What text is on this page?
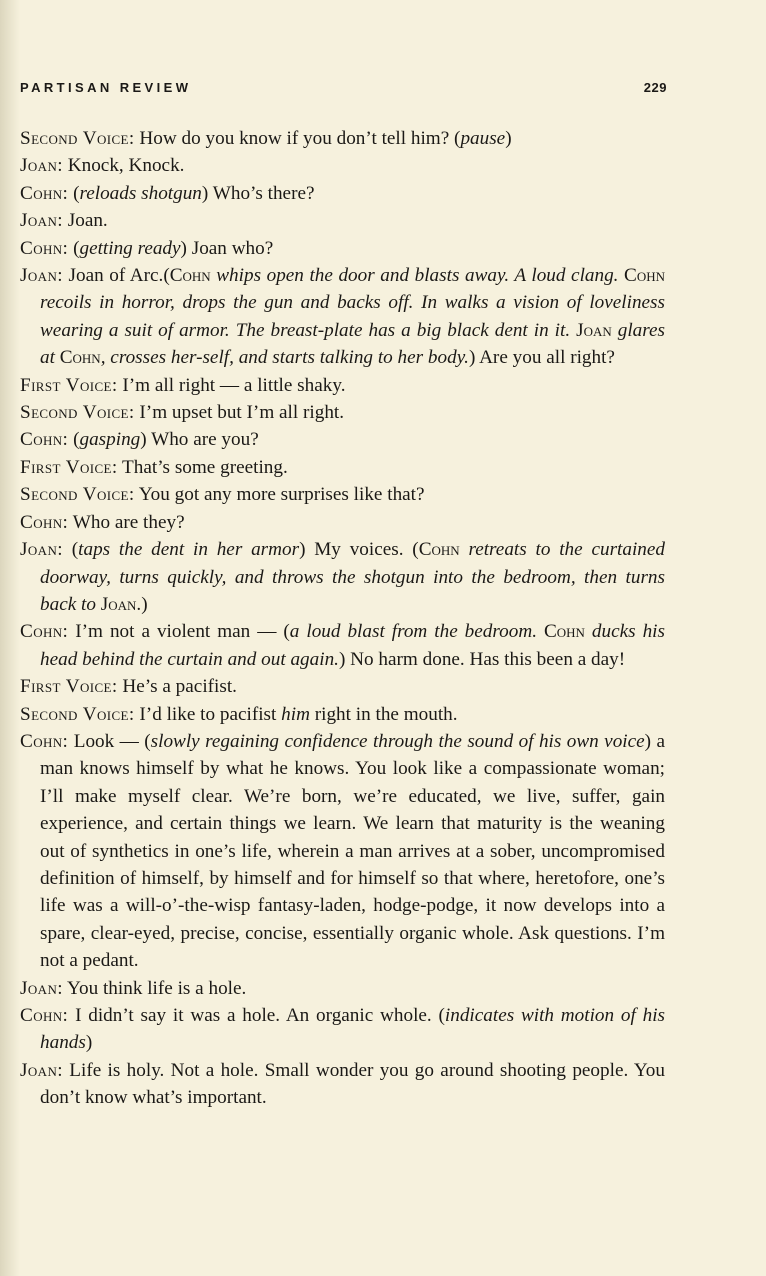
PARTISAN REVIEW	229

Second Voice: How do you know if you don’t tell him? (pause)

Joan: Knock, Knock.

Cohn: (reloads shotgun) Who’s there?

Joan: Joan.

Cohn: (getting ready) Joan who?

Joan: Joan of Arc.(Cohn whips open the door and blasts away. A loud clang. Cohn recoils in horror, drops the gun and backs off. In walks a vision of loveliness wearing a suit of armor. The breast-plate has a big black dent in it. Joan glares at Cohn, crosses her-self, and starts talking to her body.) Are you all right?

First Voice: I’m all right — a little shaky.

Second Voice: I’m upset but I’m all right.

Cohn: (gasping) Who are you?

First Voice: That’s some greeting.

Second Voice: You got any more surprises like that?

Cohn: Who are they?

Joan: (taps the dent in her armor) My voices. (Cohn retreats to the curtained doorway, turns quickly, and throws the shotgun into the bedroom, then turns back to Joan.)

Cohn: I’m not a violent man — (a loud blast from the bedroom. Cohn ducks his head behind the curtain and out again.) No harm done. Has this been a day!

First Voice: He’s a pacifist.

Second Voice: I’d like to pacifist him right in the mouth.

Cohn: Look — (slowly regaining confidence through the sound of his own voice) a man knows himself by what he knows. You look like a compassionate woman; I’ll make myself clear. We’re born, we’re educated, we live, suffer, gain experience, and certain things we learn. We learn that maturity is the weaning out of synthetics in one’s life, wherein a man arrives at a sober, uncompromised definition of himself, by himself and for himself so that where, heretofore, one’s life was a will-o’-the-wisp fantasy-laden, hodge-podge, it now develops into a spare, clear-eyed, precise, concise, essentially organic whole. Ask questions. I’m not a pedant.

Joan: You think life is a hole.

Cohn: I didn’t say it was a hole. An organic whole. (indicates with motion of his hands)

Joan: Life is holy. Not a hole. Small wonder you go around shooting people. You don’t know what’s important.
